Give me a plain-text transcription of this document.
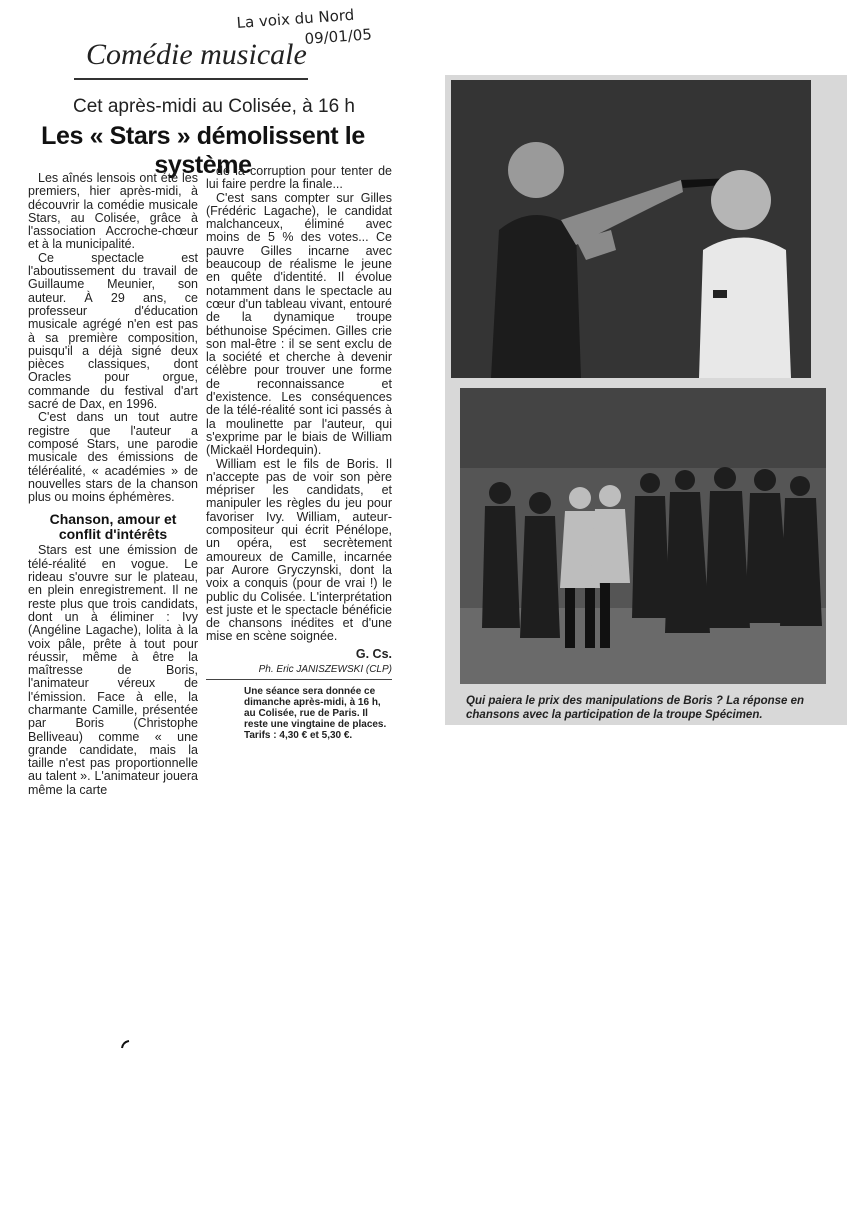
La voix du Nord
09/01/05
Comédie musicale
Cet après-midi au Colisée, à 16 h
Les « Stars » démolissent le système

Les aînés lensois ont été les premiers, hier après-midi, à découvrir la comédie musicale Stars, au Colisée, grâce à l'association Accroche-chœur et à la municipalité.

Ce spectacle est l'aboutissement du travail de Guillaume Meunier, son auteur. À 29 ans, ce professeur d'éducation musicale agrégé n'en est pas à sa première composition, puisqu'il a déjà signé deux pièces classiques, dont Oracles pour orgue, commande du festival d'art sacré de Dax, en 1996.

C'est dans un tout autre registre que l'auteur a composé Stars, une parodie musicale des émissions de téléréalité, « académies » de nouvelles stars de la chanson plus ou moins éphémères.

Chanson, amour et conflit d'intérêts

Stars est une émission de télé-réalité en vogue. Le rideau s'ouvre sur le plateau, en plein enregistrement. Il ne reste plus que trois candidats, dont un à éliminer : Ivy (Angéline Lagache), lolita à la voix pâle, prête à tout pour réussir, même à être la maîtresse de Boris, l'animateur véreux de l'émission. Face à elle, la charmante Camille, présentée par Boris (Christophe Belliveau) comme « une grande candidate, mais la taille n'est pas proportionnelle au talent ». L'animateur jouera même la carte

de la corruption pour tenter de lui faire perdre la finale...

C'est sans compter sur Gilles (Frédéric Lagache), le candidat malchanceux, éliminé avec moins de 5 % des votes... Ce pauvre Gilles incarne avec beaucoup de réalisme le jeune en quête d'identité. Il évolue notamment dans le spectacle au cœur d'un tableau vivant, entouré de la dynamique troupe béthunoise Spécimen. Gilles crie son mal-être : il se sent exclu de la société et cherche à devenir célèbre pour trouver une forme de reconnaissance et d'existence. Les conséquences de la télé-réalité sont ici passés à la moulinette par l'auteur, qui s'exprime par le biais de William (Mickaël Hordequin).

William est le fils de Boris. Il n'accepte pas de voir son père mépriser les candidats, et manipuler les règles du jeu pour favoriser Ivy. William, auteur-compositeur qui écrit Pénélope, un opéra, est secrètement amoureux de Camille, incarnée par Aurore Gryczynski, dont la voix a conquis (pour de vrai !) le public du Colisée. L'interprétation est juste et le spectacle bénéficie de chansons inédites et d'une mise en scène soignée.

G. Cs.
Ph. Eric JANISZEWSKI (CLP)
Une séance sera donnée ce dimanche après-midi, à 16 h, au Colisée, rue de Paris. Il reste une vingtaine de places. Tarifs : 4,30 € et 5,30 €.
Qui paiera le prix des manipulations de Boris ? La réponse en chansons avec la participation de la troupe Spécimen.
